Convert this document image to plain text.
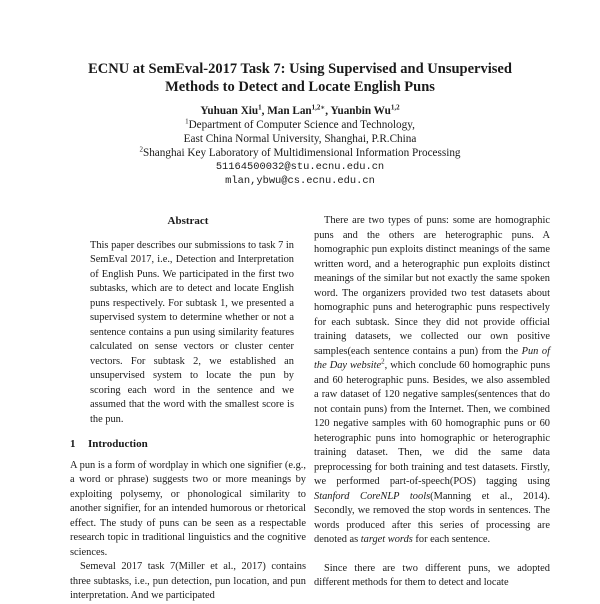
ECNU at SemEval-2017 Task 7: Using Supervised and Unsupervised
Methods to Detect and Locate English Puns
Yuhuan Xiu$^1$, Man Lan$^{1,2∗}$, Yuanbin Wu$^{1,2}$
$^1$Department of Computer Science and Technology,
East China Normal University, Shanghai, P.R.China
$^2$Shanghai Key Laboratory of Multidimensional Information Processing
51164500032@stu.ecnu.edu.cn
mlan,ybwu@cs.ecnu.edu.cn
Abstract

This paper describes our submissions to task 7 in SemEval 2017, i.e., Detection and Interpretation of English Puns. We participated in the first two subtasks, which are to detect and locate English puns respectively. For subtask 1, we presented a supervised system to determine whether or not a sentence contains a pun using similarity features calculated on sense vectors or cluster center vectors. For subtask 2, we established an unsupervised system to locate the pun by scoring each word in the sentence and we assumed that the word with the smallest score is the pun.

1 Introduction

A pun is a form of wordplay in which one signifier (e.g., a word or phrase) suggests two or more meanings by exploiting polysemy, or phonological similarity to another signifier, for an intended humorous or rhetorical effect. The study of puns can be seen as a respectable research topic in traditional linguistics and the cognitive sciences.

Semeval 2017 task 7(Miller et al., 2017) contains three subtasks, i.e., pun detection, pun location, and pun interpretation. And we participated

There are two types of puns: some are homographic puns and the others are heterographic puns. A homographic pun exploits distinct meanings of the same written word, and a heterographic pun exploits distinct meanings of the similar but not exactly the same spoken word. The organizers provided two test datasets about homographic puns and heterographic puns respectively for each subtask. Since they did not provide official training datasets, we collected our own positive samples(each sentence contains a pun) from the Pun of the Day website$^2$, which conclude 60 homographic puns and 60 heterographic puns. Besides, we also assembled a raw dataset of 120 negative samples(sentences that do not contain puns) from the Internet. Then, we combined 120 negative samples with 60 homographic puns or 60 heterographic puns into homographic or heterographic training dataset. Then, we did the same data preprocessing for both training and test datasets. Firstly, we performed part-of-speech(POS) tagging using Stanford CoreNLP tools(Manning et al., 2014). Secondly, we removed the stop words in sentences. The words produced after this series of processing are denoted as target words for each sentence.

Since there are two different puns, we adopted different methods for them to detect and locate
